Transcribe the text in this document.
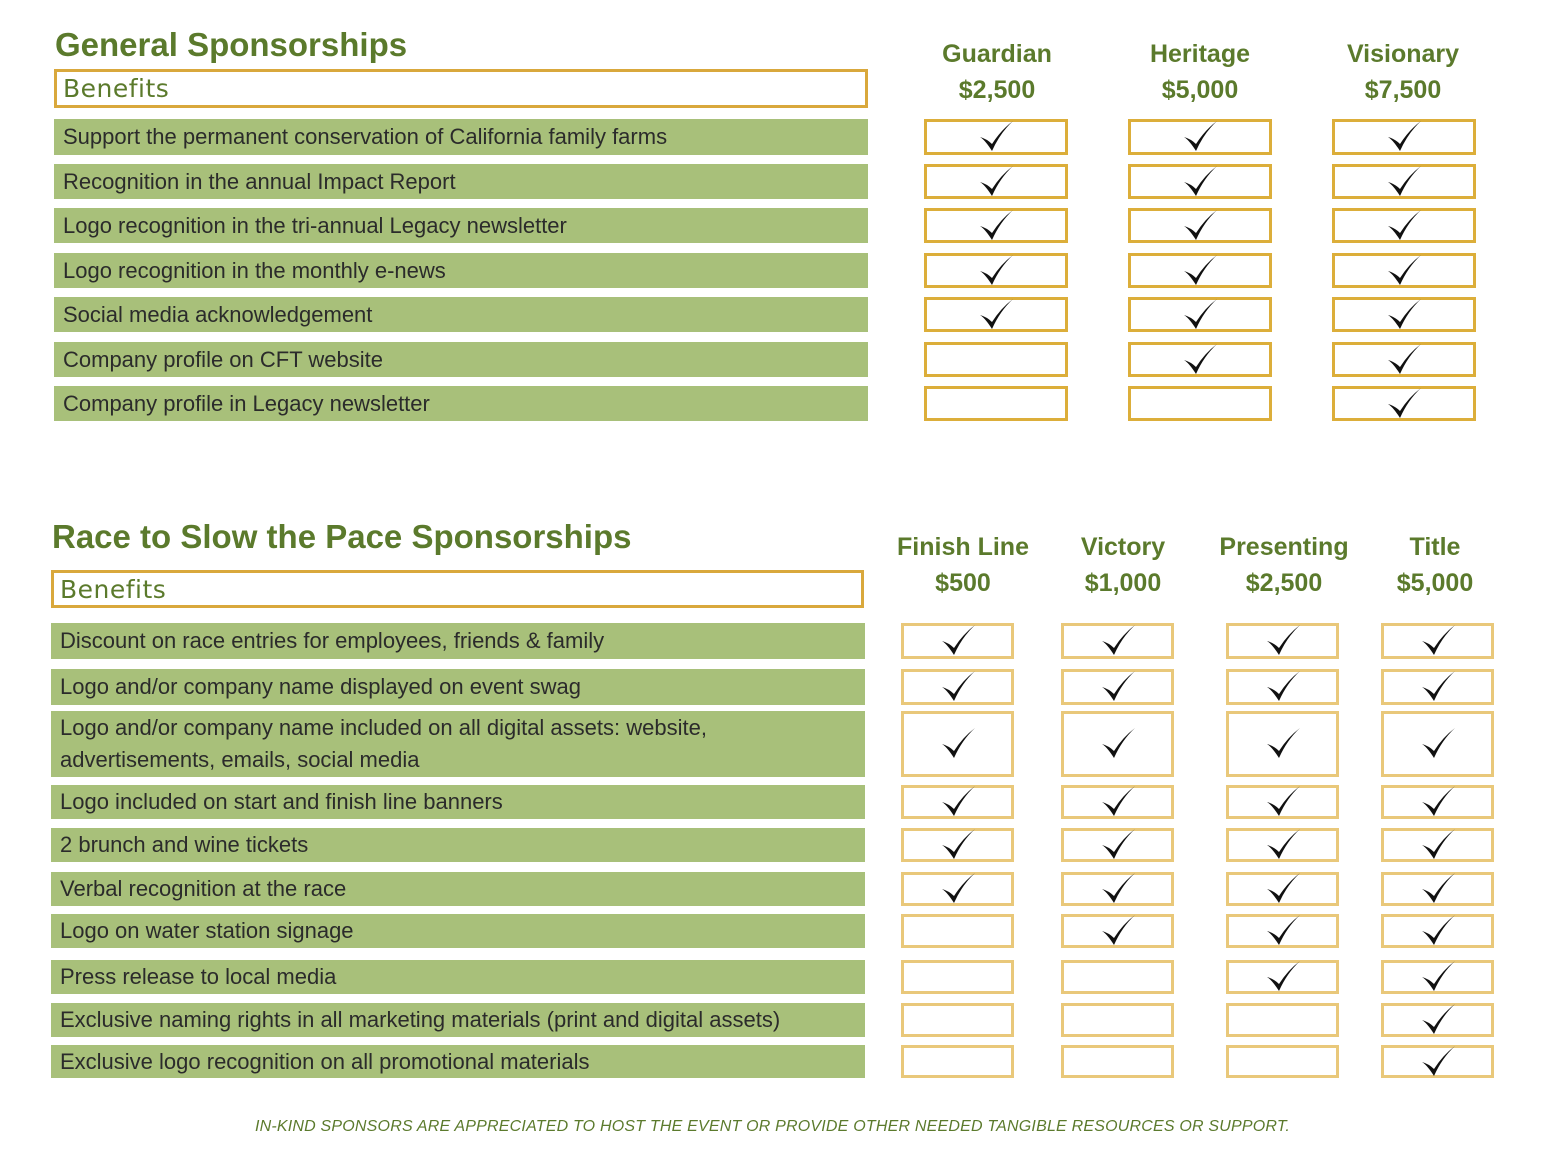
General Sponsorships
Benefits
Guardian
$2,500
Heritage
$5,000
Visionary
$7,500
Support the permanent conservation of California family farms
Recognition in the annual Impact Report
Logo recognition in the tri-annual Legacy newsletter
Logo recognition in the monthly e-news
Social media acknowledgement
Company profile on CFT website
Company profile in Legacy newsletter
Race to Slow the Pace Sponsorships
Benefits
Finish Line
$500
Victory
$1,000
Presenting
$2,500
Title
$5,000
Discount on race entries for employees, friends & family
Logo and/or company name displayed on event swag
Logo and/or company name included on all digital assets: website,
advertisements, emails, social media
Logo included on start and finish line banners
2 brunch and wine tickets
Verbal recognition at the race
Logo on water station signage
Press release to local media
Exclusive naming rights in all marketing materials (print and digital assets)
Exclusive logo recognition on all promotional materials
IN-KIND SPONSORS ARE APPRECIATED TO HOST THE EVENT OR PROVIDE OTHER NEEDED TANGIBLE RESOURCES OR SUPPORT.
